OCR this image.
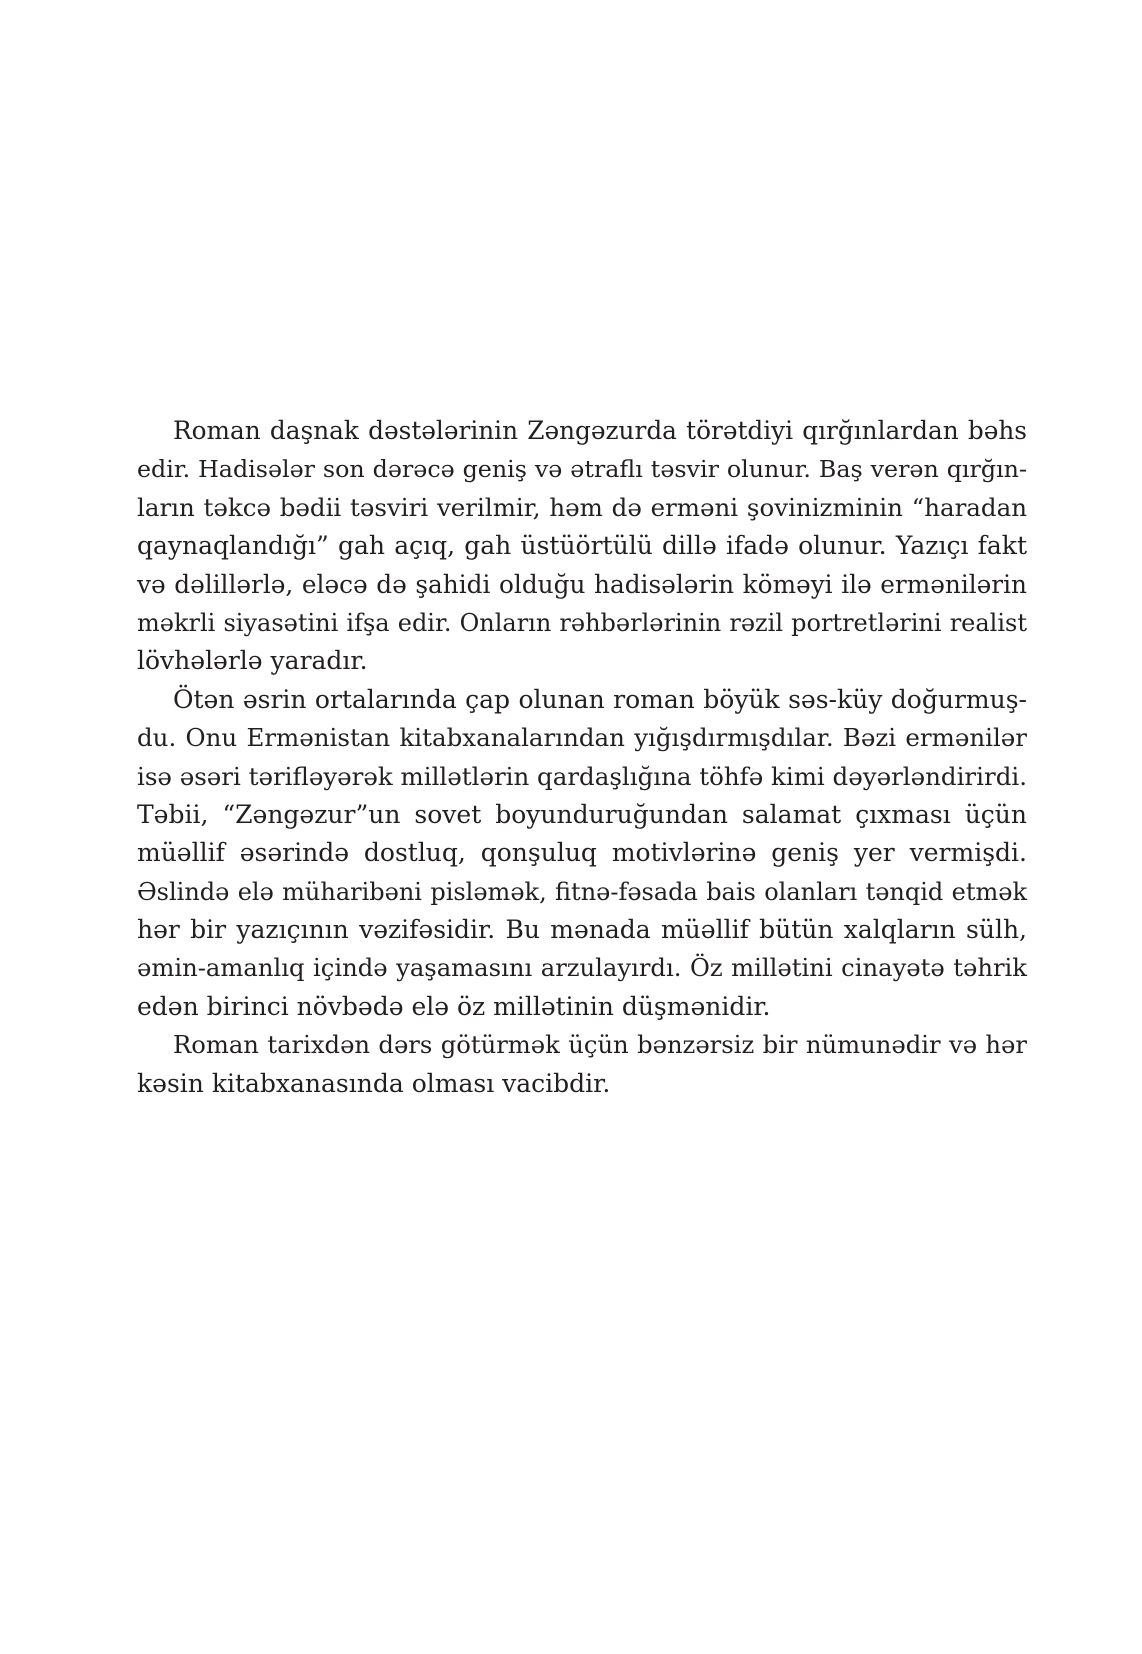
Roman daşnak dəstələrinin Zəngəzurda törətdiyi qırğınlardan bəhs
edir. Hadisələr son dərəcə geniş və ətraflı təsvir olunur. Baş verən qırğın-
ların təkcə bədii təsviri verilmir, həm də erməni şovinizminin “haradan
qaynaqlandığı” gah açıq, gah üstüörtülü dillə ifadə olunur. Yazıçı fakt
və dəlillərlə, eləcə də şahidi olduğu hadisələrin köməyi ilə ermənilərin
məkrli siyasətini ifşa edir. Onların rəhbərlərinin rəzil portretlərini realist
lövhələrlə yaradır.
Ötən əsrin ortalarında çap olunan roman böyük səs-küy doğurmuş-
du. Onu Ermənistan kitabxanalarından yığışdırmışdılar. Bəzi ermənilər
isə əsəri tərifləyərək millətlərin qardaşlığına töhfə kimi dəyərləndirirdi.
Təbii, “Zəngəzur”un sovet boyunduruğundan salamat çıxması üçün
müəllif əsərində dostluq, qonşuluq motivlərinə geniş yer vermişdi.
Əslində elə müharibəni pisləmək, fitnə-fəsada bais olanları tənqid etmək
hər bir yazıçının vəzifəsidir. Bu mənada müəllif bütün xalqların sülh,
əmin-amanlıq içində yaşamasını arzulayırdı. Öz millətini cinayətə təhrik
edən birinci növbədə elə öz millətinin düşmənidir.
Roman tarixdən dərs götürmək üçün bənzərsiz bir nümunədir və hər
kəsin kitabxanasında olması vacibdir.
